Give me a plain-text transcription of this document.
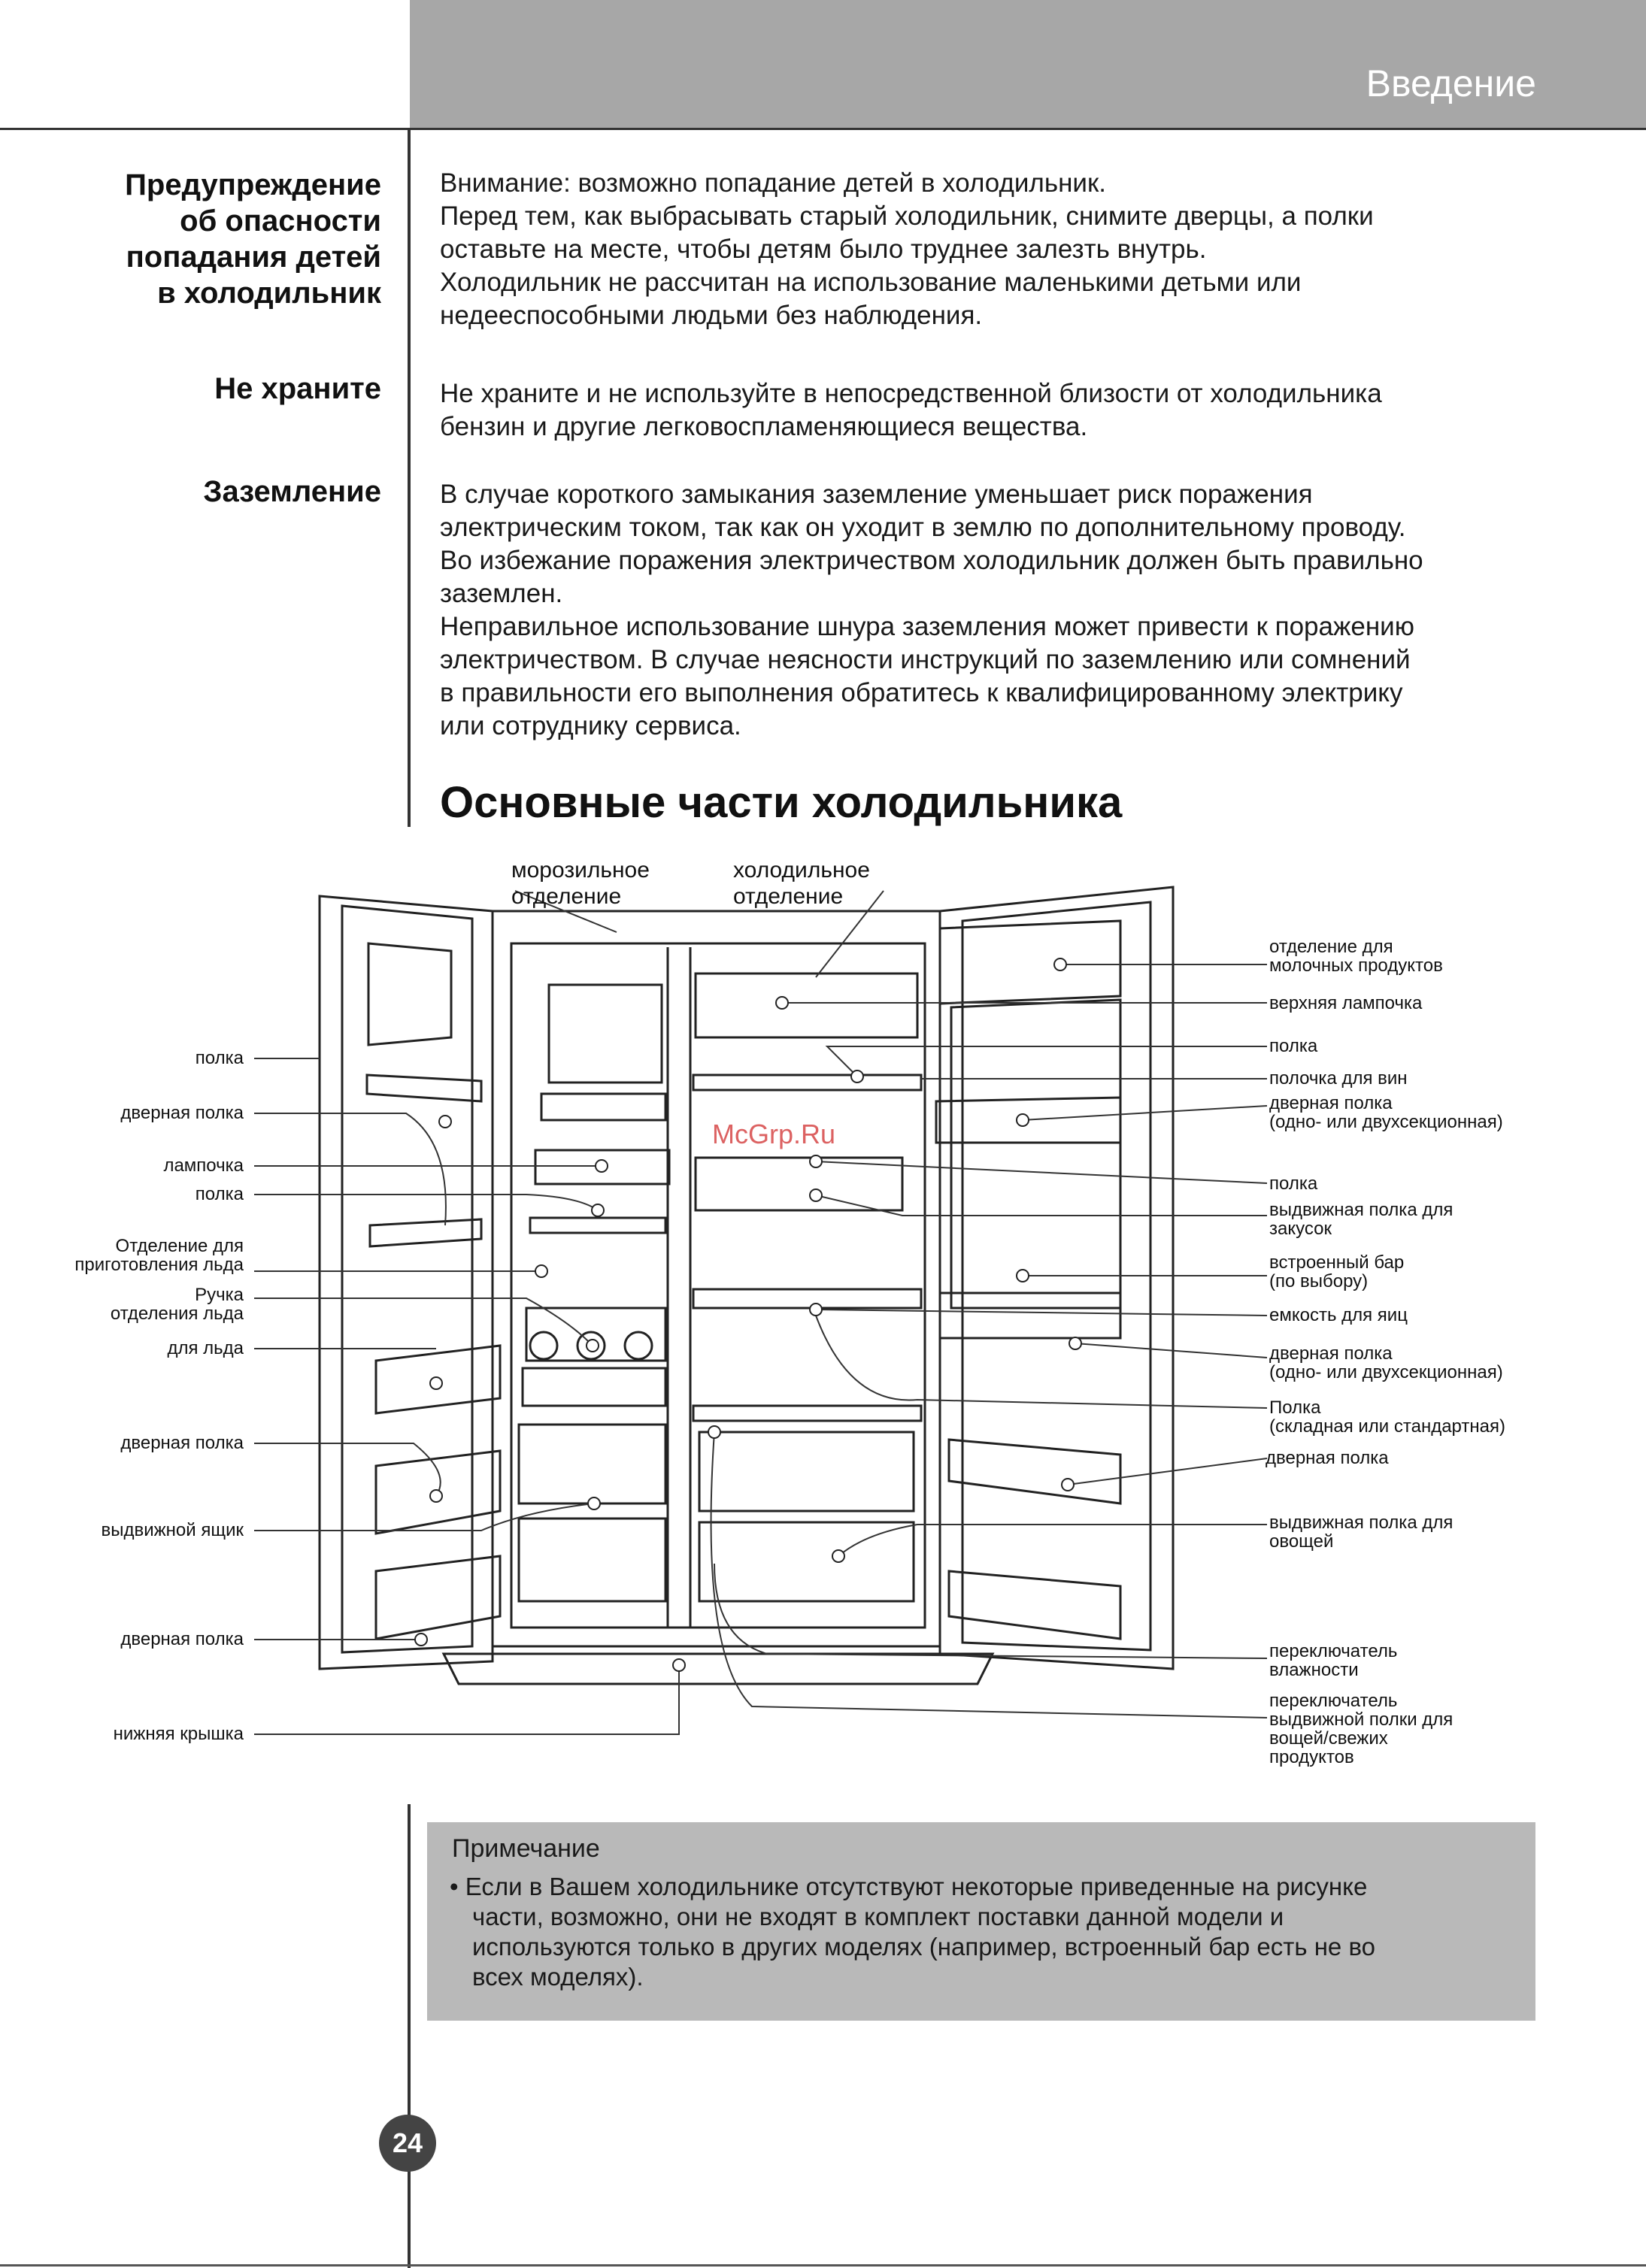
Введение
Предупреждение
об опасности
попадания детей
в холодильник
Внимание: возможно попадание детей в холодильник.
Перед тем, как выбрасывать старый холодильник, снимите дверцы, а полки
оставьте на месте, чтобы детям было труднее залезть внутрь.
Холодильник не рассчитан на использование маленькими детьми или
недееспособными людьми без наблюдения.
Не храните Не храните и не используйте в непосредственной близости от холодильника
бензин и другие легковоспламеняющиеся вещества.
Заземление В случае короткого замыкания заземление уменьшает риск поражения
электрическим током, так как он уходит в землю по дополнительному проводу.
Во избежание поражения электричеством холодильник должен быть правильно
заземлен.
Неправильное использование шнура заземления может привести к поражению
электричеством. В случае неясности инструкций по заземлению или сомнений
в правильности его выполнения обратитесь к квалифицированному электрику
или сотруднику сервиса.
Основные части холодильника
McGrp.Ru
морозильное
отделение
холодильное
отделение
полка
дверная полка
лампочка
полка
Отделение для
приготовления льда
Ручка
отделения льда
для льда
дверная полка
выдвижной ящик
дверная полка
нижняя крышка
отделение для
молочных продуктов
верхняя лампочка
полка
полочка для вин
дверная полка
(одно- или двухсекционная)
полка
выдвижная полка для
закусок
встроенный бар
(по выбору)
емкость для яиц
дверная полка
(одно- или двухсекционная)
Полка
(складная или стандартная)
дверная полка
выдвижная полка для
овощей
переключатель
влажности
переключатель
выдвижной полки для
вощей/свежих
продуктов
Примечание
• Если в Вашем холодильнике отсутствуют некоторые приведенные на рисунке
части, возможно, они не входят в комплект поставки данной модели и
используются только в других моделях (например, встроенный бар есть не во
всех моделях).
24
